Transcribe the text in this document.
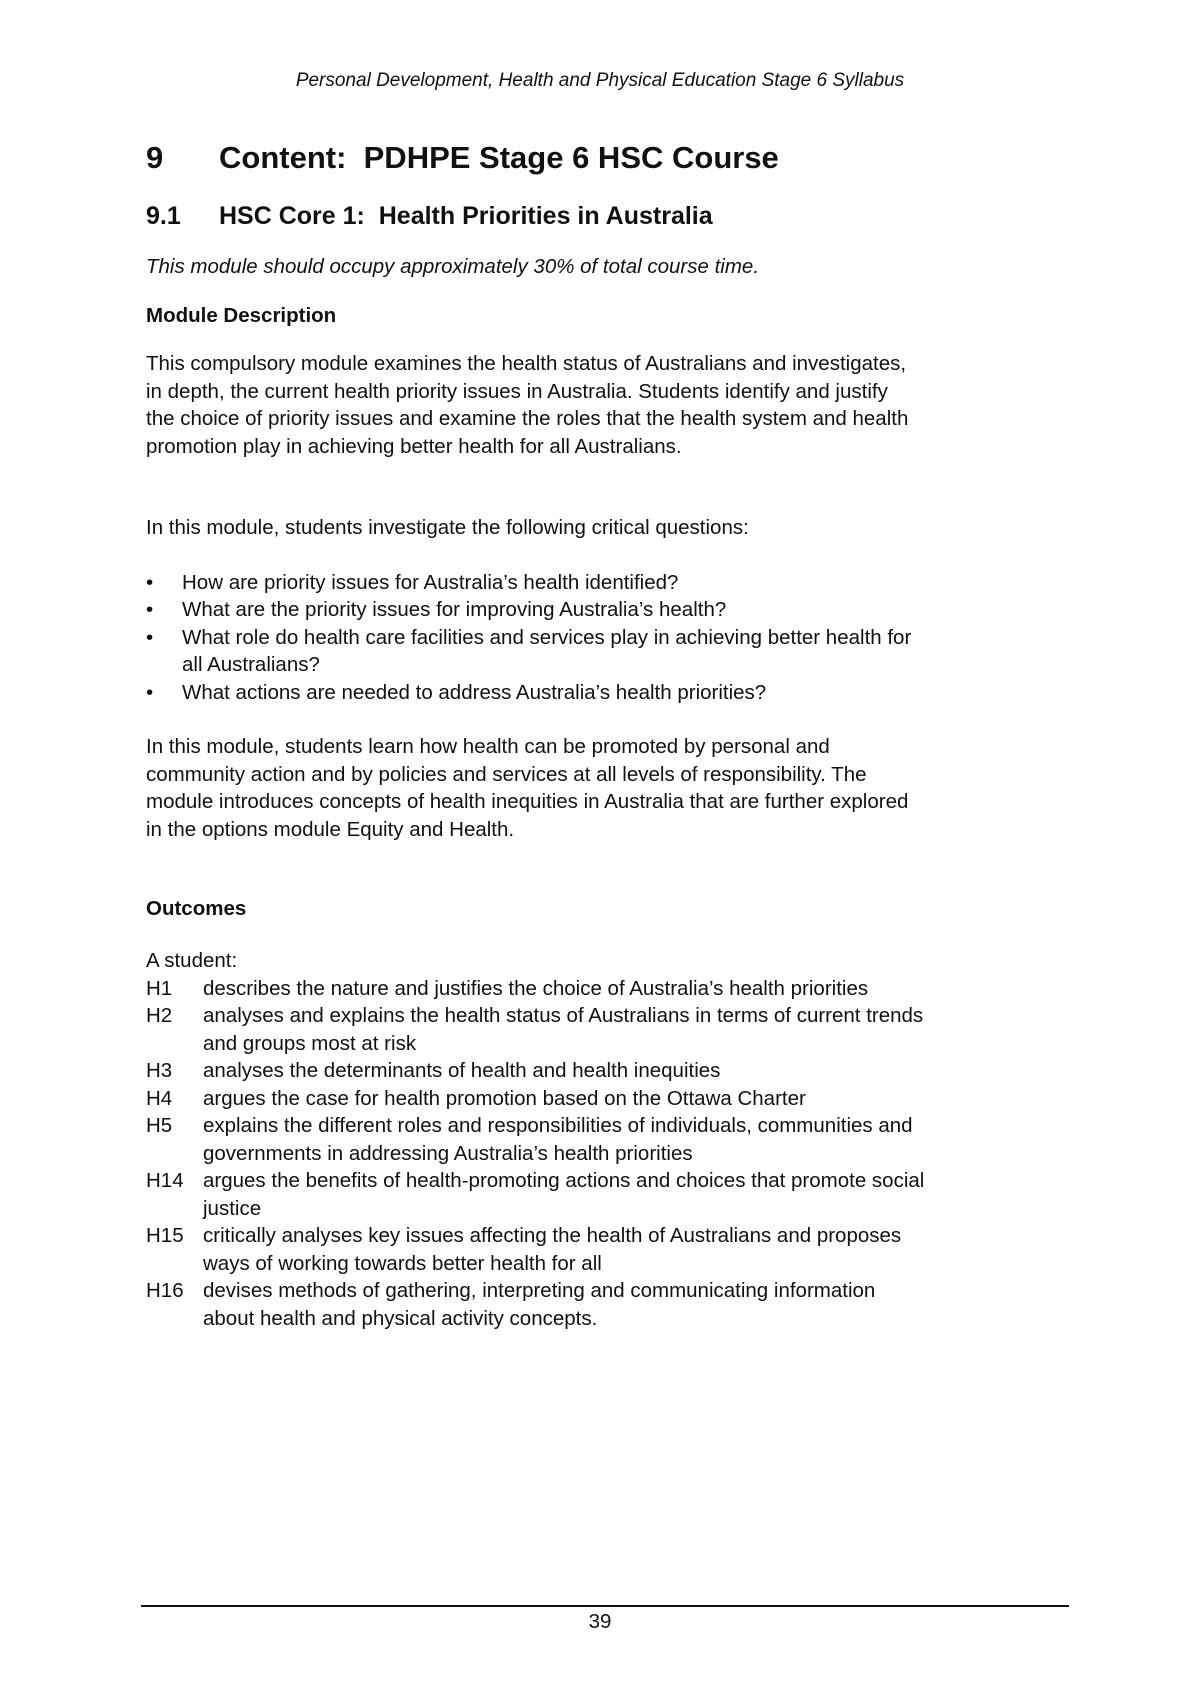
Personal Development, Health and Physical Education Stage 6 Syllabus
9	Content:  PDHPE Stage 6 HSC Course
9.1	HSC Core 1:  Health Priorities in Australia

This module should occupy approximately 30% of total course time.

Module Description
This compulsory module examines the health status of Australians and investigates,
in depth, the current health priority issues in Australia. Students identify and justify
the choice of priority issues and examine the roles that the health system and health
promotion play in achieving better health for all Australians.
In this module, students investigate the following critical questions:
•	How are priority issues for Australia’s health identified?
•	What are the priority issues for improving Australia’s health?
•	What role do health care facilities and services play in achieving better health for
all Australians?
•	What actions are needed to address Australia’s health priorities?
In this module, students learn how health can be promoted by personal and
community action and by policies and services at all levels of responsibility. The
module introduces concepts of health inequities in Australia that are further explored
in the options module Equity and Health.
Outcomes
A student:
H1	describes the nature and justifies the choice of Australia’s health priorities
H2	analyses and explains the health status of Australians in terms of current trends
and groups most at risk
H3	analyses the determinants of health and health inequities
H4	argues the case for health promotion based on the Ottawa Charter
H5	explains the different roles and responsibilities of individuals, communities and
governments in addressing Australia’s health priorities
H14 argues the benefits of health-promoting actions and choices that promote social
justice
H15 critically analyses key issues affecting the health of Australians and proposes
ways of working towards better health for all
H16 devises methods of gathering, interpreting and communicating information
about health and physical activity concepts.
39
